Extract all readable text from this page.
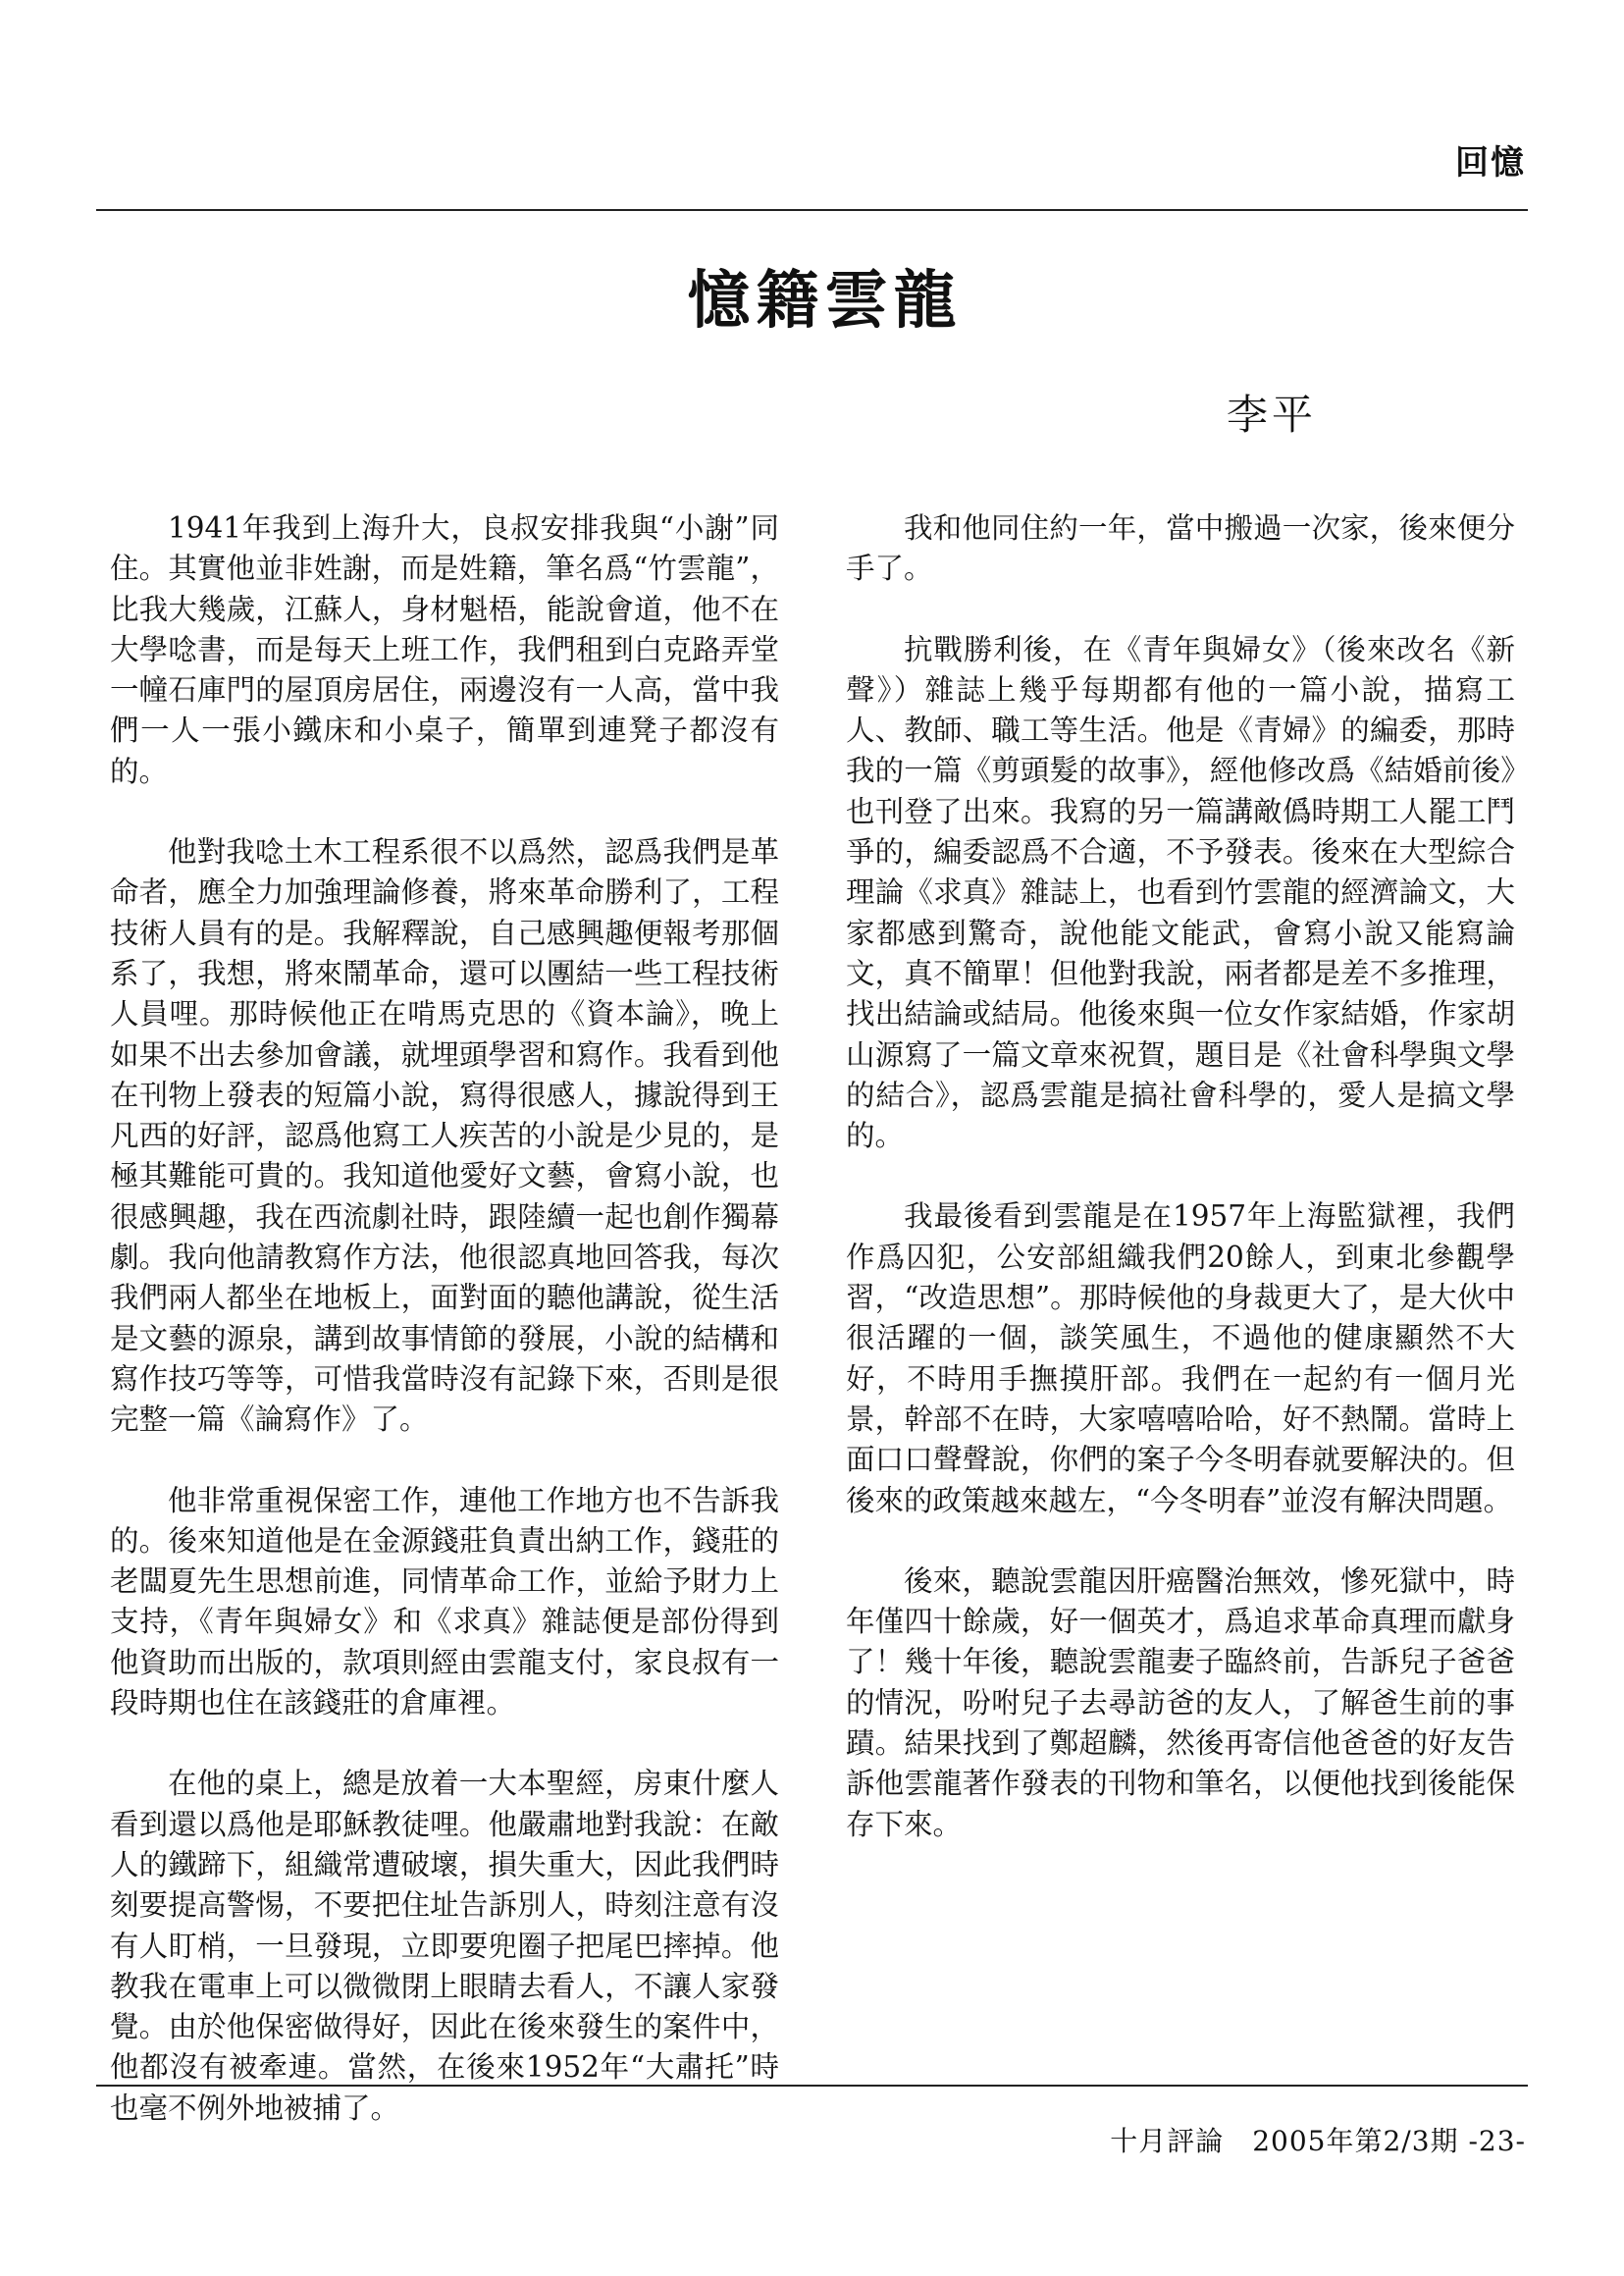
回憶
憶籍雲龍
李平

1941年我到上海升大，良叔安排我與“小謝”同住。其實他並非姓謝，而是姓籍，筆名爲“竹雲龍”，比我大幾歲，江蘇人，身材魁梧，能說會道，他不在大學唸書，而是每天上班工作，我們租到白克路弄堂一幢石庫門的屋頂房居住，兩邊沒有一人高，當中我們一人一張小鐵床和小桌子，簡單到連凳子都沒有的。

他對我唸土木工程系很不以爲然，認爲我們是革命者，應全力加強理論修養，將來革命勝利了，工程技術人員有的是。我解釋說，自己感興趣便報考那個系了，我想，將來鬧革命，還可以團結一些工程技術人員哩。那時候他正在啃馬克思的《資本論》，晚上如果不出去參加會議，就埋頭學習和寫作。我看到他在刊物上發表的短篇小說，寫得很感人，據說得到王凡西的好評，認爲他寫工人疾苦的小說是少見的，是極其難能可貴的。我知道他愛好文藝，會寫小說，也很感興趣，我在西流劇社時，跟陸續一起也創作獨幕劇。我向他請教寫作方法，他很認真地回答我，每次我們兩人都坐在地板上，面對面的聽他講說，從生活是文藝的源泉，講到故事情節的發展，小說的結構和寫作技巧等等，可惜我當時沒有記錄下來，否則是很完整一篇《論寫作》了。

他非常重視保密工作，連他工作地方也不告訴我的。後來知道他是在金源錢莊負責出納工作，錢莊的老闆夏先生思想前進，同情革命工作，並給予財力上支持，《青年與婦女》和《求真》雜誌便是部份得到他資助而出版的，款項則經由雲龍支付，家良叔有一段時期也住在該錢莊的倉庫裡。

在他的桌上，總是放着一大本聖經，房東什麼人看到還以爲他是耶穌教徒哩。他嚴肅地對我說：在敵人的鐵蹄下，組織常遭破壞，損失重大，因此我們時刻要提高警惕，不要把住址告訴別人，時刻注意有沒有人盯梢，一旦發現，立即要兜圈子把尾巴摔掉。他教我在電車上可以微微閉上眼睛去看人，不讓人家發覺。由於他保密做得好，因此在後來發生的案件中，他都沒有被牽連。當然，在後來1952年“大肅托”時也毫不例外地被捕了。

我和他同住約一年，當中搬過一次家，後來便分手了。

抗戰勝利後，在《青年與婦女》（後來改名《新聲》）雜誌上幾乎每期都有他的一篇小說，描寫工人、教師、職工等生活。他是《青婦》的編委，那時我的一篇《剪頭髮的故事》，經他修改爲《結婚前後》也刊登了出來。我寫的另一篇講敵僞時期工人罷工鬥爭的，編委認爲不合適，不予發表。後來在大型綜合理論《求真》雜誌上，也看到竹雲龍的經濟論文，大家都感到驚奇，說他能文能武，會寫小說又能寫論文，真不簡單！但他對我說，兩者都是差不多推理，找出結論或結局。他後來與一位女作家結婚，作家胡山源寫了一篇文章來祝賀，題目是《社會科學與文學的結合》，認爲雲龍是搞社會科學的，愛人是搞文學的。

我最後看到雲龍是在1957年上海監獄裡，我們作爲囚犯，公安部組織我們20餘人，到東北參觀學習，“改造思想”。那時候他的身裁更大了，是大伙中很活躍的一個，談笑風生，不過他的健康顯然不大好，不時用手撫摸肝部。我們在一起約有一個月光景，幹部不在時，大家嘻嘻哈哈，好不熱鬧。當時上面口口聲聲說，你們的案子今冬明春就要解決的。但後來的政策越來越左，“今冬明春”並沒有解決問題。

後來，聽說雲龍因肝癌醫治無效，慘死獄中，時年僅四十餘歲，好一個英才，爲追求革命真理而獻身了！幾十年後，聽說雲龍妻子臨終前，告訴兒子爸爸的情況，吩咐兒子去尋訪爸的友人，了解爸生前的事蹟。結果找到了鄭超麟，然後再寄信他爸爸的好友告訴他雲龍著作發表的刊物和筆名，以便他找到後能保存下來。

十月評論　2005年第2/3期 -23-
